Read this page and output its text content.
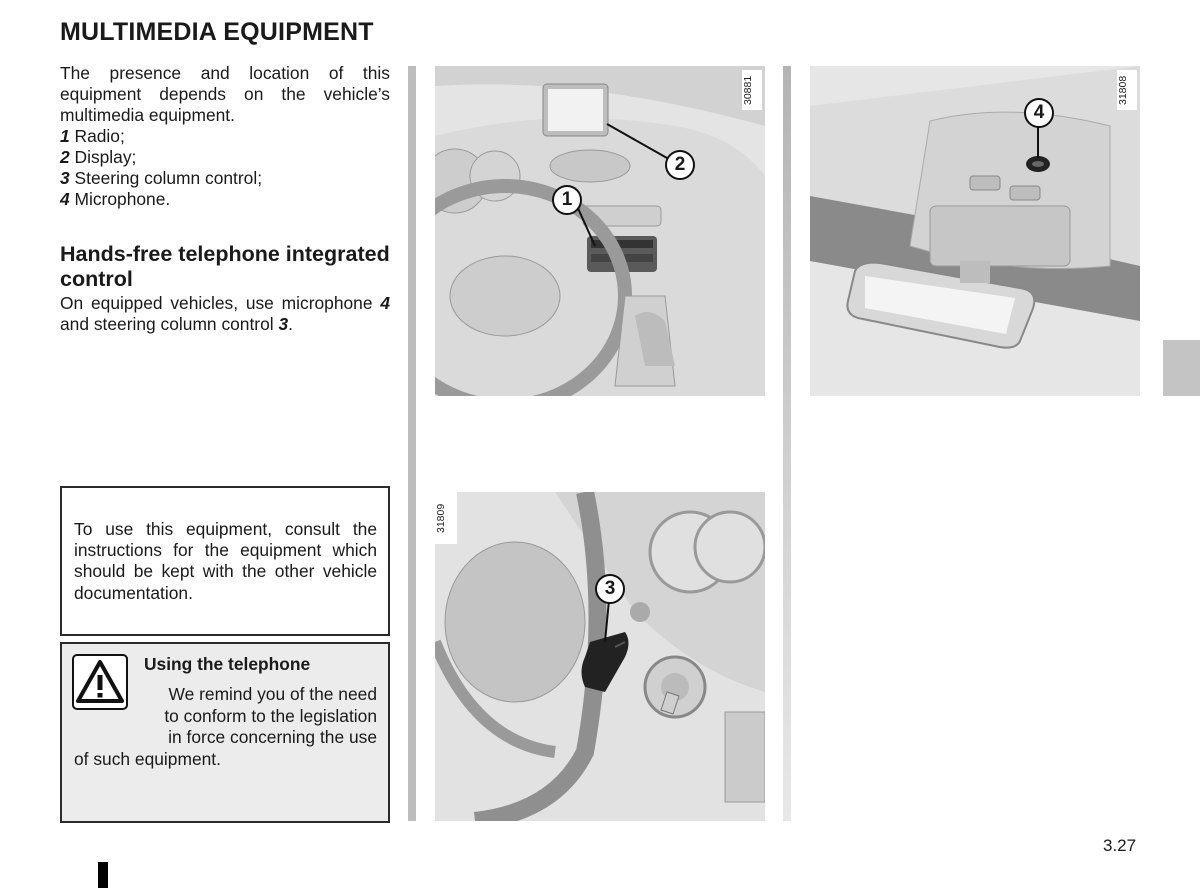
MULTIMEDIA EQUIPMENT
The presence and location of this equipment depends on the vehicle’s multimedia equipment.
1 Radio;
2 Display;
3 Steering column control;
4 Microphone.
Hands-free telephone integrated control
On equipped vehicles, use microphone 4 and steering column control 3.

To use this equipment, consult the instructions for the equipment which should be kept with the other vehicle documentation.

Using the telephone
We remind you of the need
to conform to the legislation
in force concerning the use
of such equipment.
2
1
30881
4
31808
3
31809
3.27
